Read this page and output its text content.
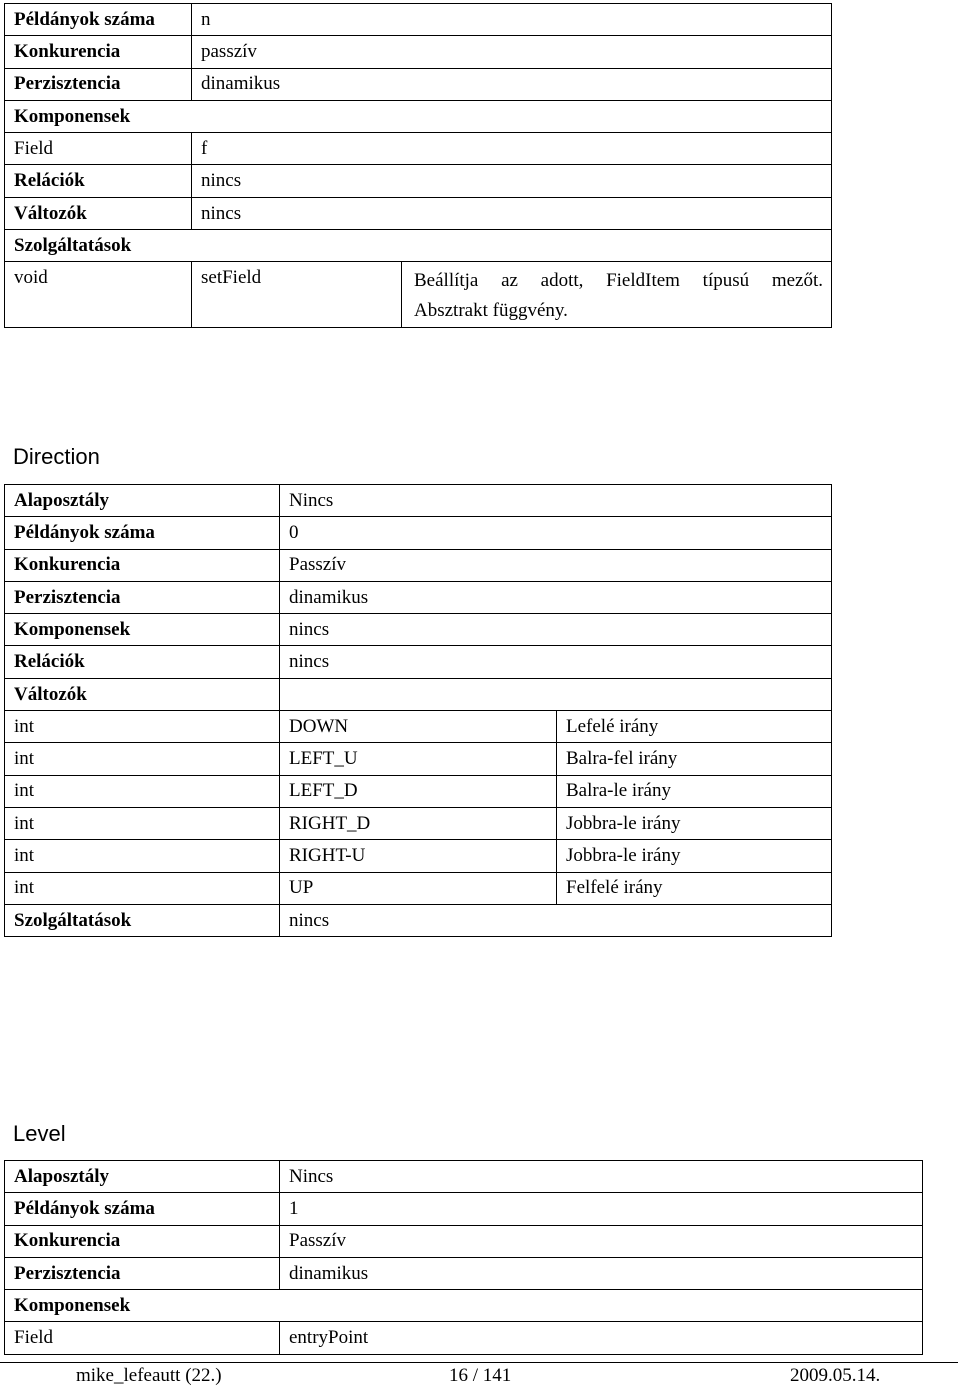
Példányok száma	n	
Konkurencia	passzív	
Perzisztencia	dinamikus	
Komponensek		
Field	f	
Relációk	nincs	
Változók	nincs	
Szolgáltatások		
void	setField	Beállítja az adott, FieldItem típusú mezőt.
Absztrakt függvény.
Direction
Alaposztály	Nincs	
Példányok száma	0	
Konkurencia	Passzív	
Perzisztencia	dinamikus	
Komponensek	nincs	
Relációk	nincs	
Változók		
int	DOWN	Lefelé irány
int	LEFT_U	Balra-fel irány
int	LEFT_D	Balra-le irány
int	RIGHT_D	Jobbra-le irány
int	RIGHT-U	Jobbra-le irány
int	UP	Felfelé irány
Szolgáltatások	nincs	
Level
Alaposztály	Nincs
Példányok száma	1
Konkurencia	Passzív
Perzisztencia	dinamikus
Komponensek	
Field	entryPoint
mike_lefeautt (22.)	16 / 141	2009.05.14.
